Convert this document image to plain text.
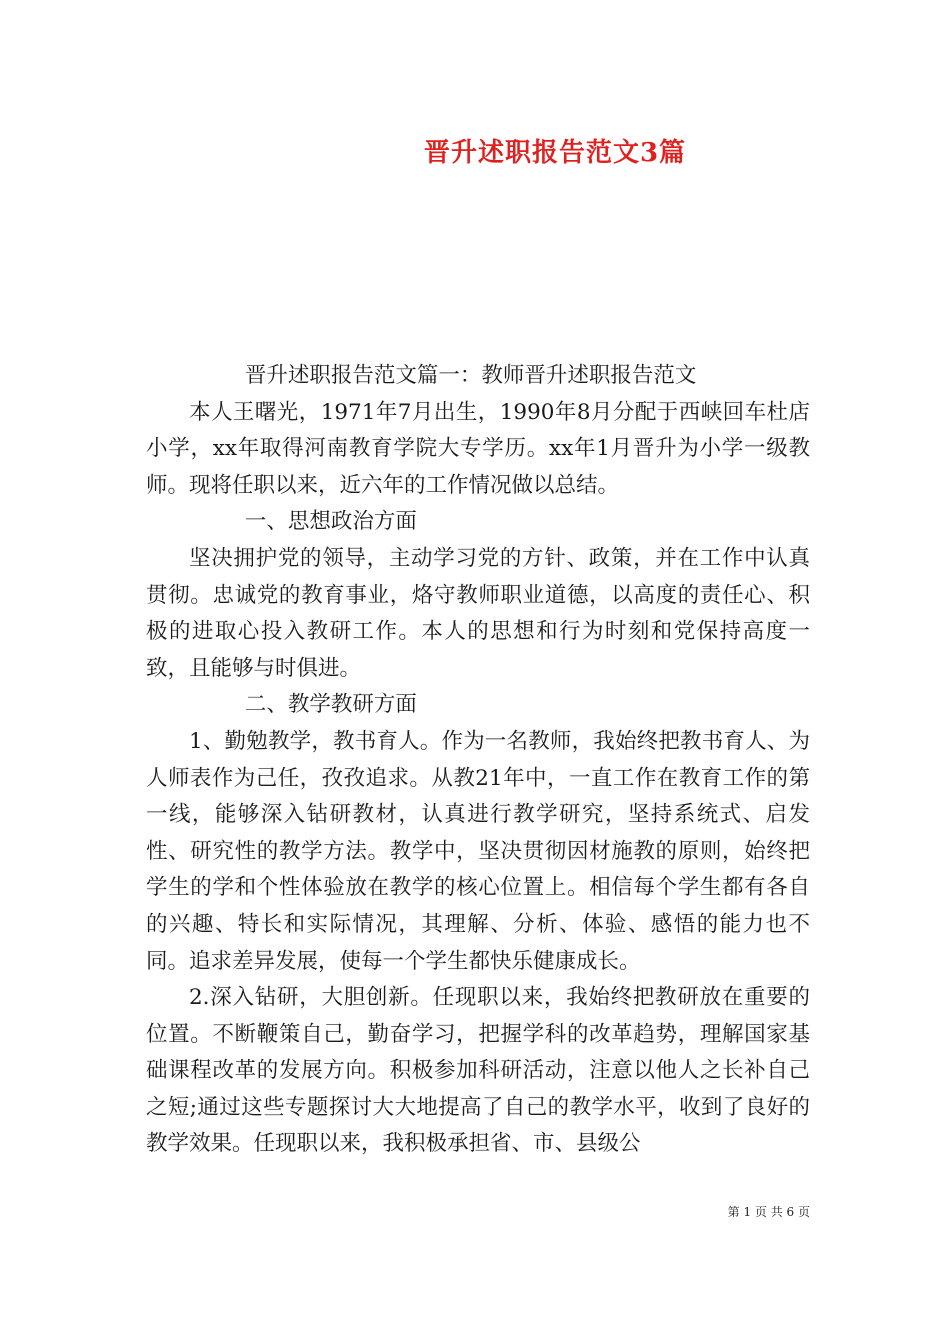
晋升述职报告范文3篇

晋升述职报告范文篇一：教师晋升述职报告范文

本人王曙光，1971年7月出生，1990年8月分配于西峡回车杜店小学，xx年取得河南教育学院大专学历。xx年1月晋升为小学一级教师。现将任职以来，近六年的工作情况做以总结。

一、思想政治方面

坚决拥护党的领导，主动学习党的方针、政策，并在工作中认真贯彻。忠诚党的教育事业，烙守教师职业道德，以高度的责任心、积极的进取心投入教研工作。本人的思想和行为时刻和党保持高度一致，且能够与时俱进。

二、教学教研方面

1、勤勉教学，教书育人。作为一名教师，我始终把教书育人、为人师表作为己任，孜孜追求。从教21年中，一直工作在教育工作的第一线，能够深入钻研教材，认真进行教学研究，坚持系统式、启发性、研究性的教学方法。教学中，坚决贯彻因材施教的原则，始终把学生的学和个性体验放在教学的核心位置上。相信每个学生都有各自的兴趣、特长和实际情况，其理解、分析、体验、感悟的能力也不同。追求差异发展，使每一个学生都快乐健康成长。

2.深入钻研，大胆创新。任现职以来，我始终把教研放在重要的位置。不断鞭策自己，勤奋学习，把握学科的改革趋势，理解国家基础课程改革的发展方向。积极参加科研活动，注意以他人之长补自己之短;通过这些专题探讨大大地提高了自己的教学水平，收到了良好的教学效果。任现职以来，我积极承担省、市、县级公

第 1 页 共 6 页
